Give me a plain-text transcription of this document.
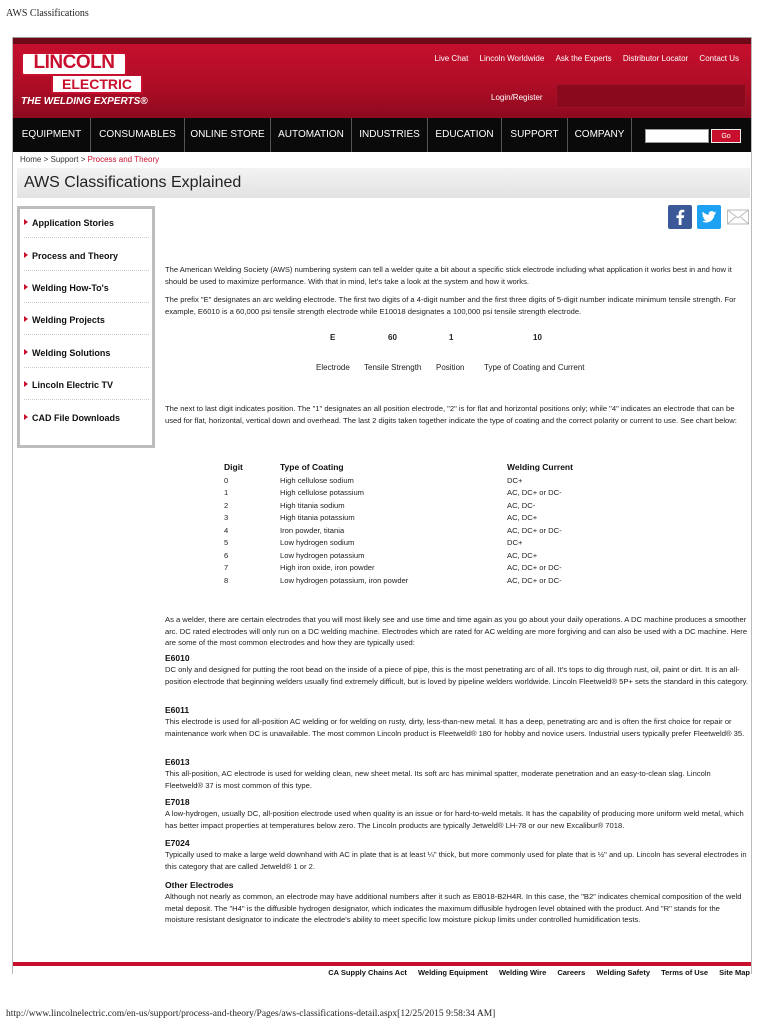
AWS Classifications
LINCOLN
ELECTRIC
THE WELDING EXPERTS®
Live Chat Lincoln Worldwide Ask the Experts Distributor Locator Contact Us
Login/Register
EQUIPMENT	CONSUMABLES	ONLINE STORE	AUTOMATION	INDUSTRIES	EDUCATION	SUPPORT	COMPANY	Go
Home > Support > Process and Theory
AWS Classifications Explained
Application Stories
Process and Theory
Welding How-To's
Welding Projects
Welding Solutions
Lincoln Electric TV
CAD File Downloads
The American Welding Society (AWS) numbering system can tell a welder quite a bit about a specific stick electrode including what application it works best in and how it should be used to maximize performance. With that in mind, let's take a look at the system and how it works.
The prefix "E" designates an arc welding electrode. The first two digits of a 4-digit number and the first three digits of 5-digit number indicate minimum tensile strength. For example, E6010 is a 60,000 psi tensile strength electrode while E10018 designates a 100,000 psi tensile strength electrode.
E	60	1	10
Electrode Tensile Strength Position Type of Coating and Current
The next to last digit indicates position. The "1" designates an all position electrode, "2" is for flat and horizontal positions only; while "4" indicates an electrode that can be used for flat, horizontal, vertical down and overhead. The last 2 digits taken together indicate the type of coating and the correct polarity or current to use. See chart below:
Digit	Type of Coating	Welding Current
0	High cellulose sodium	DC+
1	High cellulose potassium	AC, DC+ or DC-
2	High titania sodium	AC, DC-
3	High titania potassium	AC, DC+
4	Iron powder, titania	AC, DC+ or DC-
5	Low hydrogen sodium	DC+
6	Low hydrogen potassium	AC, DC+
7	High iron oxide, iron powder	AC, DC+ or DC-
8	Low hydrogen potassium, iron powder	AC, DC+ or DC-
As a welder, there are certain electrodes that you will most likely see and use time and time again as you go about your daily operations. A DC machine produces a smoother arc. DC rated electrodes will only run on a DC welding machine. Electrodes which are rated for AC welding are more forgiving and can also be used with a DC machine. Here are some of the most common electrodes and how they are typically used:
E6010
DC only and designed for putting the root bead on the inside of a piece of pipe, this is the most penetrating arc of all. It's tops to dig through rust, oil, paint or dirt. It is an all-position electrode that beginning welders usually find extremely difficult, but is loved by pipeline welders worldwide. Lincoln Fleetweld® 5P+ sets the standard in this category.
E6011
This electrode is used for all-position AC welding or for welding on rusty, dirty, less-than-new metal. It has a deep, penetrating arc and is often the first choice for repair or maintenance work when DC is unavailable. The most common Lincoln product is Fleetweld® 180 for hobby and novice users. Industrial users typically prefer Fleetweld® 35.
E6013
This all-position, AC electrode is used for welding clean, new sheet metal. Its soft arc has minimal spatter, moderate penetration and an easy-to-clean slag. Lincoln Fleetweld® 37 is most common of this type.
E7018
A low-hydrogen, usually DC, all-position electrode used when quality is an issue or for hard-to-weld metals. It has the capability of producing more uniform weld metal, which has better impact properties at temperatures below zero. The Lincoln products are typically Jetweld® LH-78 or our new Excalibur® 7018.
E7024
Typically used to make a large weld downhand with AC in plate that is at least ¼" thick, but more commonly used for plate that is ½" and up. Lincoln has several electrodes in this category that are called Jetweld® 1 or 2.
Other Electrodes
Although not nearly as common, an electrode may have additional numbers after it such as E8018-B2H4R. In this case, the "B2" indicates chemical composition of the weld metal deposit. The "H4" is the diffusible hydrogen designator, which indicates the maximum diffusible hydrogen level obtained with the product. And "R" stands for the moisture resistant designator to indicate the electrode's ability to meet specific low moisture pickup limits under controlled humidification tests.
CA Supply Chains Act Welding Equipment Welding Wire Careers Welding Safety Terms of Use Site Map
http://www.lincolnelectric.com/en-us/support/process-and-theory/Pages/aws-classifications-detail.aspx[12/25/2015 9:58:34 AM]
